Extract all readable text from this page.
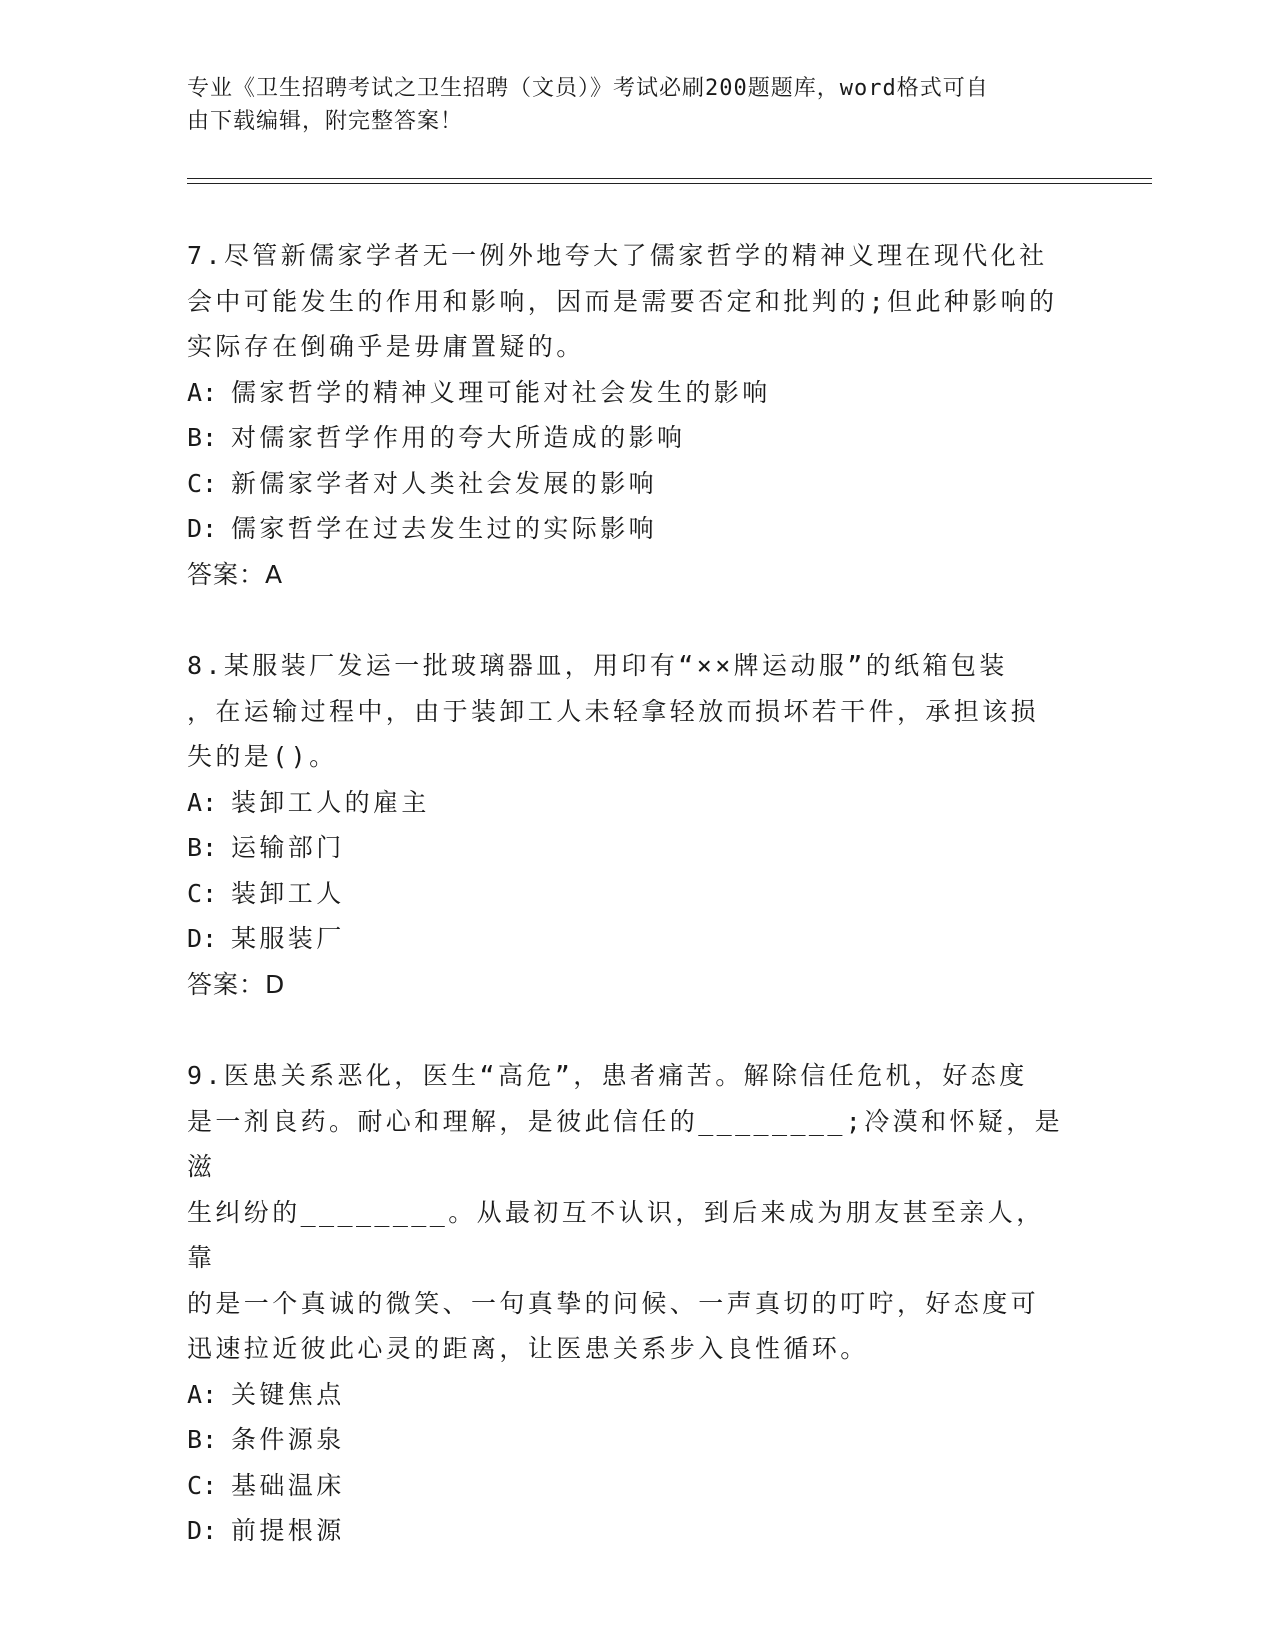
专业《卫生招聘考试之卫生招聘（文员）》考试必刷200题题库，word格式可自
由下载编辑，附完整答案！
7.尽管新儒家学者无一例外地夸大了儒家哲学的精神义理在现代化社
会中可能发生的作用和影响，因而是需要否定和批判的;但此种影响的
实际存在倒确乎是毋庸置疑的。
A: 儒家哲学的精神义理可能对社会发生的影响
B: 对儒家哲学作用的夸大所造成的影响
C: 新儒家学者对人类社会发展的影响
D: 儒家哲学在过去发生过的实际影响
答案：A
8.某服装厂发运一批玻璃器皿，用印有“××牌运动服”的纸箱包装
，在运输过程中，由于装卸工人未轻拿轻放而损坏若干件，承担该损
失的是()。
A: 装卸工人的雇主
B: 运输部门
C: 装卸工人
D: 某服装厂
答案：D
9.医患关系恶化，医生“高危”，患者痛苦。解除信任危机，好态度
是一剂良药。耐心和理解，是彼此信任的________;冷漠和怀疑，是滋
生纠纷的________。从最初互不认识，到后来成为朋友甚至亲人，靠
的是一个真诚的微笑、一句真挚的问候、一声真切的叮咛，好态度可
迅速拉近彼此心灵的距离，让医患关系步入良性循环。
A: 关键焦点
B: 条件源泉
C: 基础温床
D: 前提根源
